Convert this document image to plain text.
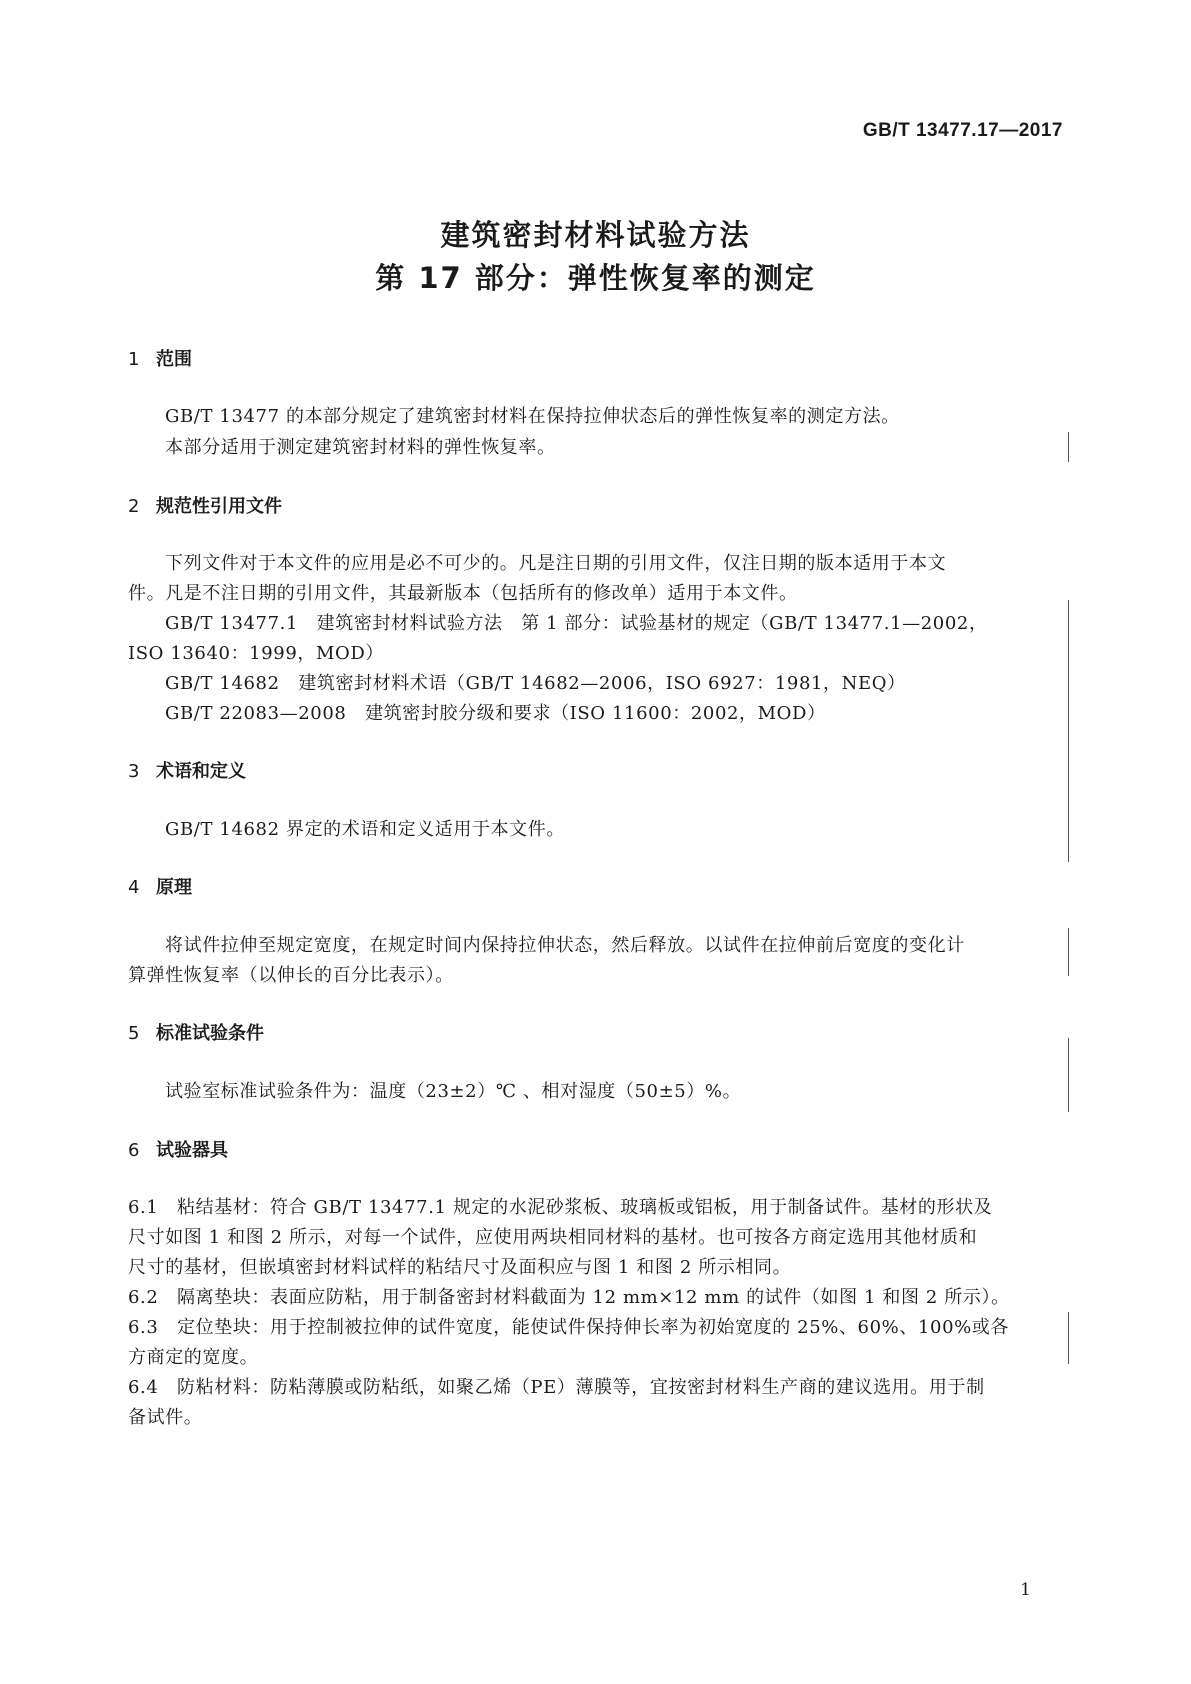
GB/T 13477.17—2017
建筑密封材料试验方法
第 17 部分：弹性恢复率的测定
1 范围
GB/T 13477 的本部分规定了建筑密封材料在保持拉伸状态后的弹性恢复率的测定方法。
本部分适用于测定建筑密封材料的弹性恢复率。
2 规范性引用文件
下列文件对于本文件的应用是必不可少的。凡是注日期的引用文件，仅注日期的版本适用于本文
件。凡是不注日期的引用文件，其最新版本（包括所有的修改单）适用于本文件。
GB/T 13477.1　建筑密封材料试验方法　第 1 部分：试验基材的规定（GB/T 13477.1—2002，
ISO 13640：1999，MOD）
GB/T 14682　建筑密封材料术语（GB/T 14682—2006，ISO 6927：1981，NEQ）
GB/T 22083—2008　建筑密封胶分级和要求（ISO 11600：2002，MOD）
3 术语和定义
GB/T 14682 界定的术语和定义适用于本文件。
4 原理
将试件拉伸至规定宽度，在规定时间内保持拉伸状态，然后释放。以试件在拉伸前后宽度的变化计
算弹性恢复率（以伸长的百分比表示）。
5 标准试验条件
试验室标准试验条件为：温度（23±2）℃ 、相对湿度（50±5）%。
6 试验器具
6.1　粘结基材：符合 GB/T 13477.1 规定的水泥砂浆板、玻璃板或铝板，用于制备试件。基材的形状及
尺寸如图 1 和图 2 所示，对每一个试件，应使用两块相同材料的基材。也可按各方商定选用其他材质和
尺寸的基材，但嵌填密封材料试样的粘结尺寸及面积应与图 1 和图 2 所示相同。
6.2　隔离垫块：表面应防粘，用于制备密封材料截面为 12 mm×12 mm 的试件（如图 1 和图 2 所示）。
6.3　定位垫块：用于控制被拉伸的试件宽度，能使试件保持伸长率为初始宽度的 25%、60%、100%或各
方商定的宽度。
6.4　防粘材料：防粘薄膜或防粘纸，如聚乙烯（PE）薄膜等，宜按密封材料生产商的建议选用。用于制
备试件。
1
